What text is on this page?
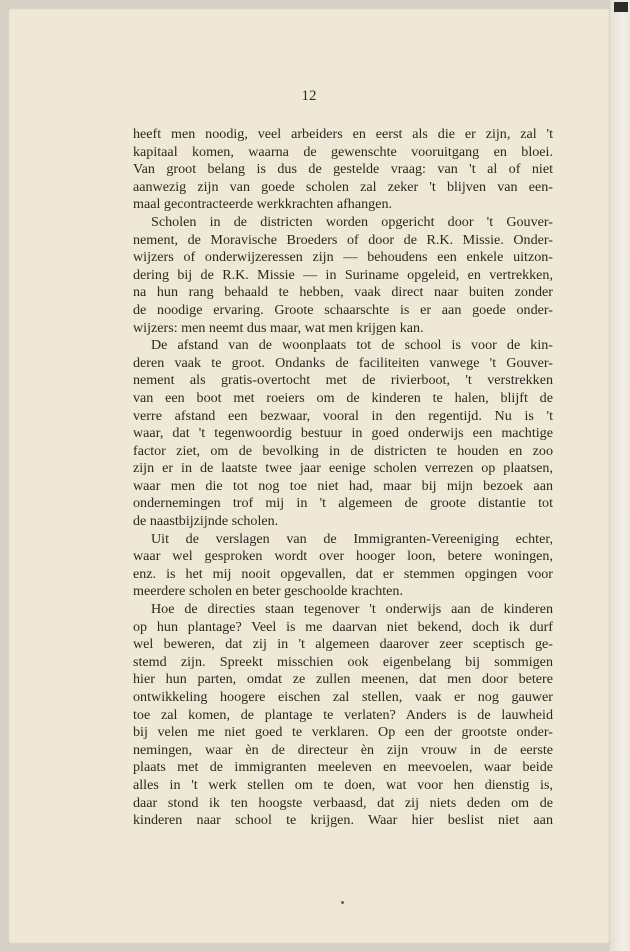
12

heeft men noodig, veel arbeiders en eerst als die er zijn, zal 't

kapitaal komen, waarna de gewenschte vooruitgang en bloei.

Van groot belang is dus de gestelde vraag: van 't al of niet

aanwezig zijn van goede scholen zal zeker 't blijven van een-

maal gecontracteerde werkkrachten afhangen.

Scholen in de districten worden opgericht door 't Gouver-

nement, de Moravische Broeders of door de R.K. Missie. Onder-

wijzers of onderwijzeressen zijn — behoudens een enkele uitzon-

dering bij de R.K. Missie — in Suriname opgeleid, en vertrekken,

na hun rang behaald te hebben, vaak direct naar buiten zonder

de noodige ervaring. Groote schaarschte is er aan goede onder-

wijzers: men neemt dus maar, wat men krijgen kan.

De afstand van de woonplaats tot de school is voor de kin-

deren vaak te groot. Ondanks de faciliteiten vanwege 't Gouver-

nement als gratis-overtocht met de rivierboot, 't verstrekken

van een boot met roeiers om de kinderen te halen, blijft de

verre afstand een bezwaar, vooral in den regentijd. Nu is 't

waar, dat 't tegenwoordig bestuur in goed onderwijs een machtige

factor ziet, om de bevolking in de districten te houden en zoo

zijn er in de laatste twee jaar eenige scholen verrezen op plaatsen,

waar men die tot nog toe niet had, maar bij mijn bezoek aan

ondernemingen trof mij in 't algemeen de groote distantie tot

de naastbijzijnde scholen.

Uit de verslagen van de Immigranten-Vereeniging echter,

waar wel gesproken wordt over hooger loon, betere woningen,

enz. is het mij nooit opgevallen, dat er stemmen opgingen voor

meerdere scholen en beter geschoolde krachten.

Hoe de directies staan tegenover 't onderwijs aan de kinderen

op hun plantage? Veel is me daarvan niet bekend, doch ik durf

wel beweren, dat zij in 't algemeen daarover zeer sceptisch ge-

stemd zijn. Spreekt misschien ook eigenbelang bij sommigen

hier hun parten, omdat ze zullen meenen, dat men door betere

ontwikkeling hoogere eischen zal stellen, vaak er nog gauwer

toe zal komen, de plantage te verlaten? Anders is de lauwheid

bij velen me niet goed te verklaren. Op een der grootste onder-

nemingen, waar èn de directeur èn zijn vrouw in de eerste

plaats met de immigranten meeleven en meevoelen, waar beide

alles in 't werk stellen om te doen, wat voor hen dienstig is,

daar stond ik ten hoogste verbaasd, dat zij niets deden om de

kinderen naar school te krijgen. Waar hier beslist niet aan
